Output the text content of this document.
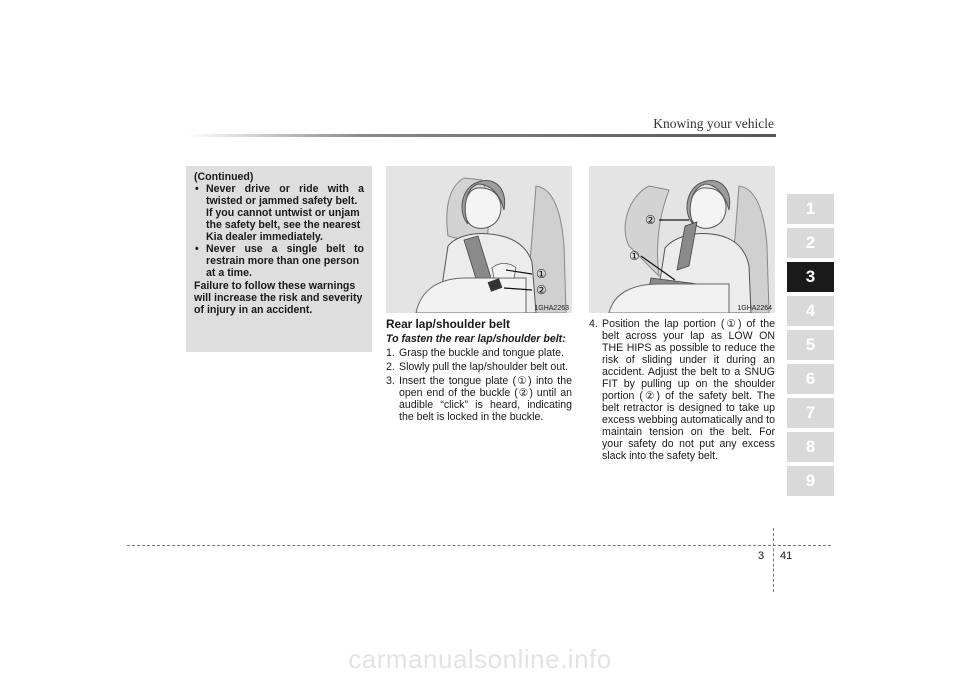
Knowing your vehicle
1
2
3
4
5
6
7
8
9
(Continued)
• Never drive or ride with a
twisted or jammed safety belt. If you cannot untwist or unjam the safety belt, see the nearest Kia dealer immediately.
• Never use a single belt to
restrain more than one person at a time.

Failure to follow these warnings will increase the risk and severity of injury in an accident.

①
②
1GHA2263
②
①
1GHA2264
Rear lap/shoulder belt
To fasten the rear lap/shoulder belt:
1. Grasp the buckle and tongue plate.
2. Slowly pull the lap/shoulder belt out.
3. Insert the tongue plate (①) into the open end of the buckle (②) until an audible “click” is heard, indicating the belt is locked in the buckle.
4. Position the lap portion (①) of the belt across your lap as LOW ON THE HIPS as possible to reduce the risk of sliding under it during an accident. Adjust the belt to a SNUG FIT by pulling up on the shoulder portion (②) of the safety belt. The belt retractor is designed to take up excess webbing automatically and to maintain tension on the belt. For your safety do not put any excess slack into the safety belt.
3 41
carmanualsonline.info
